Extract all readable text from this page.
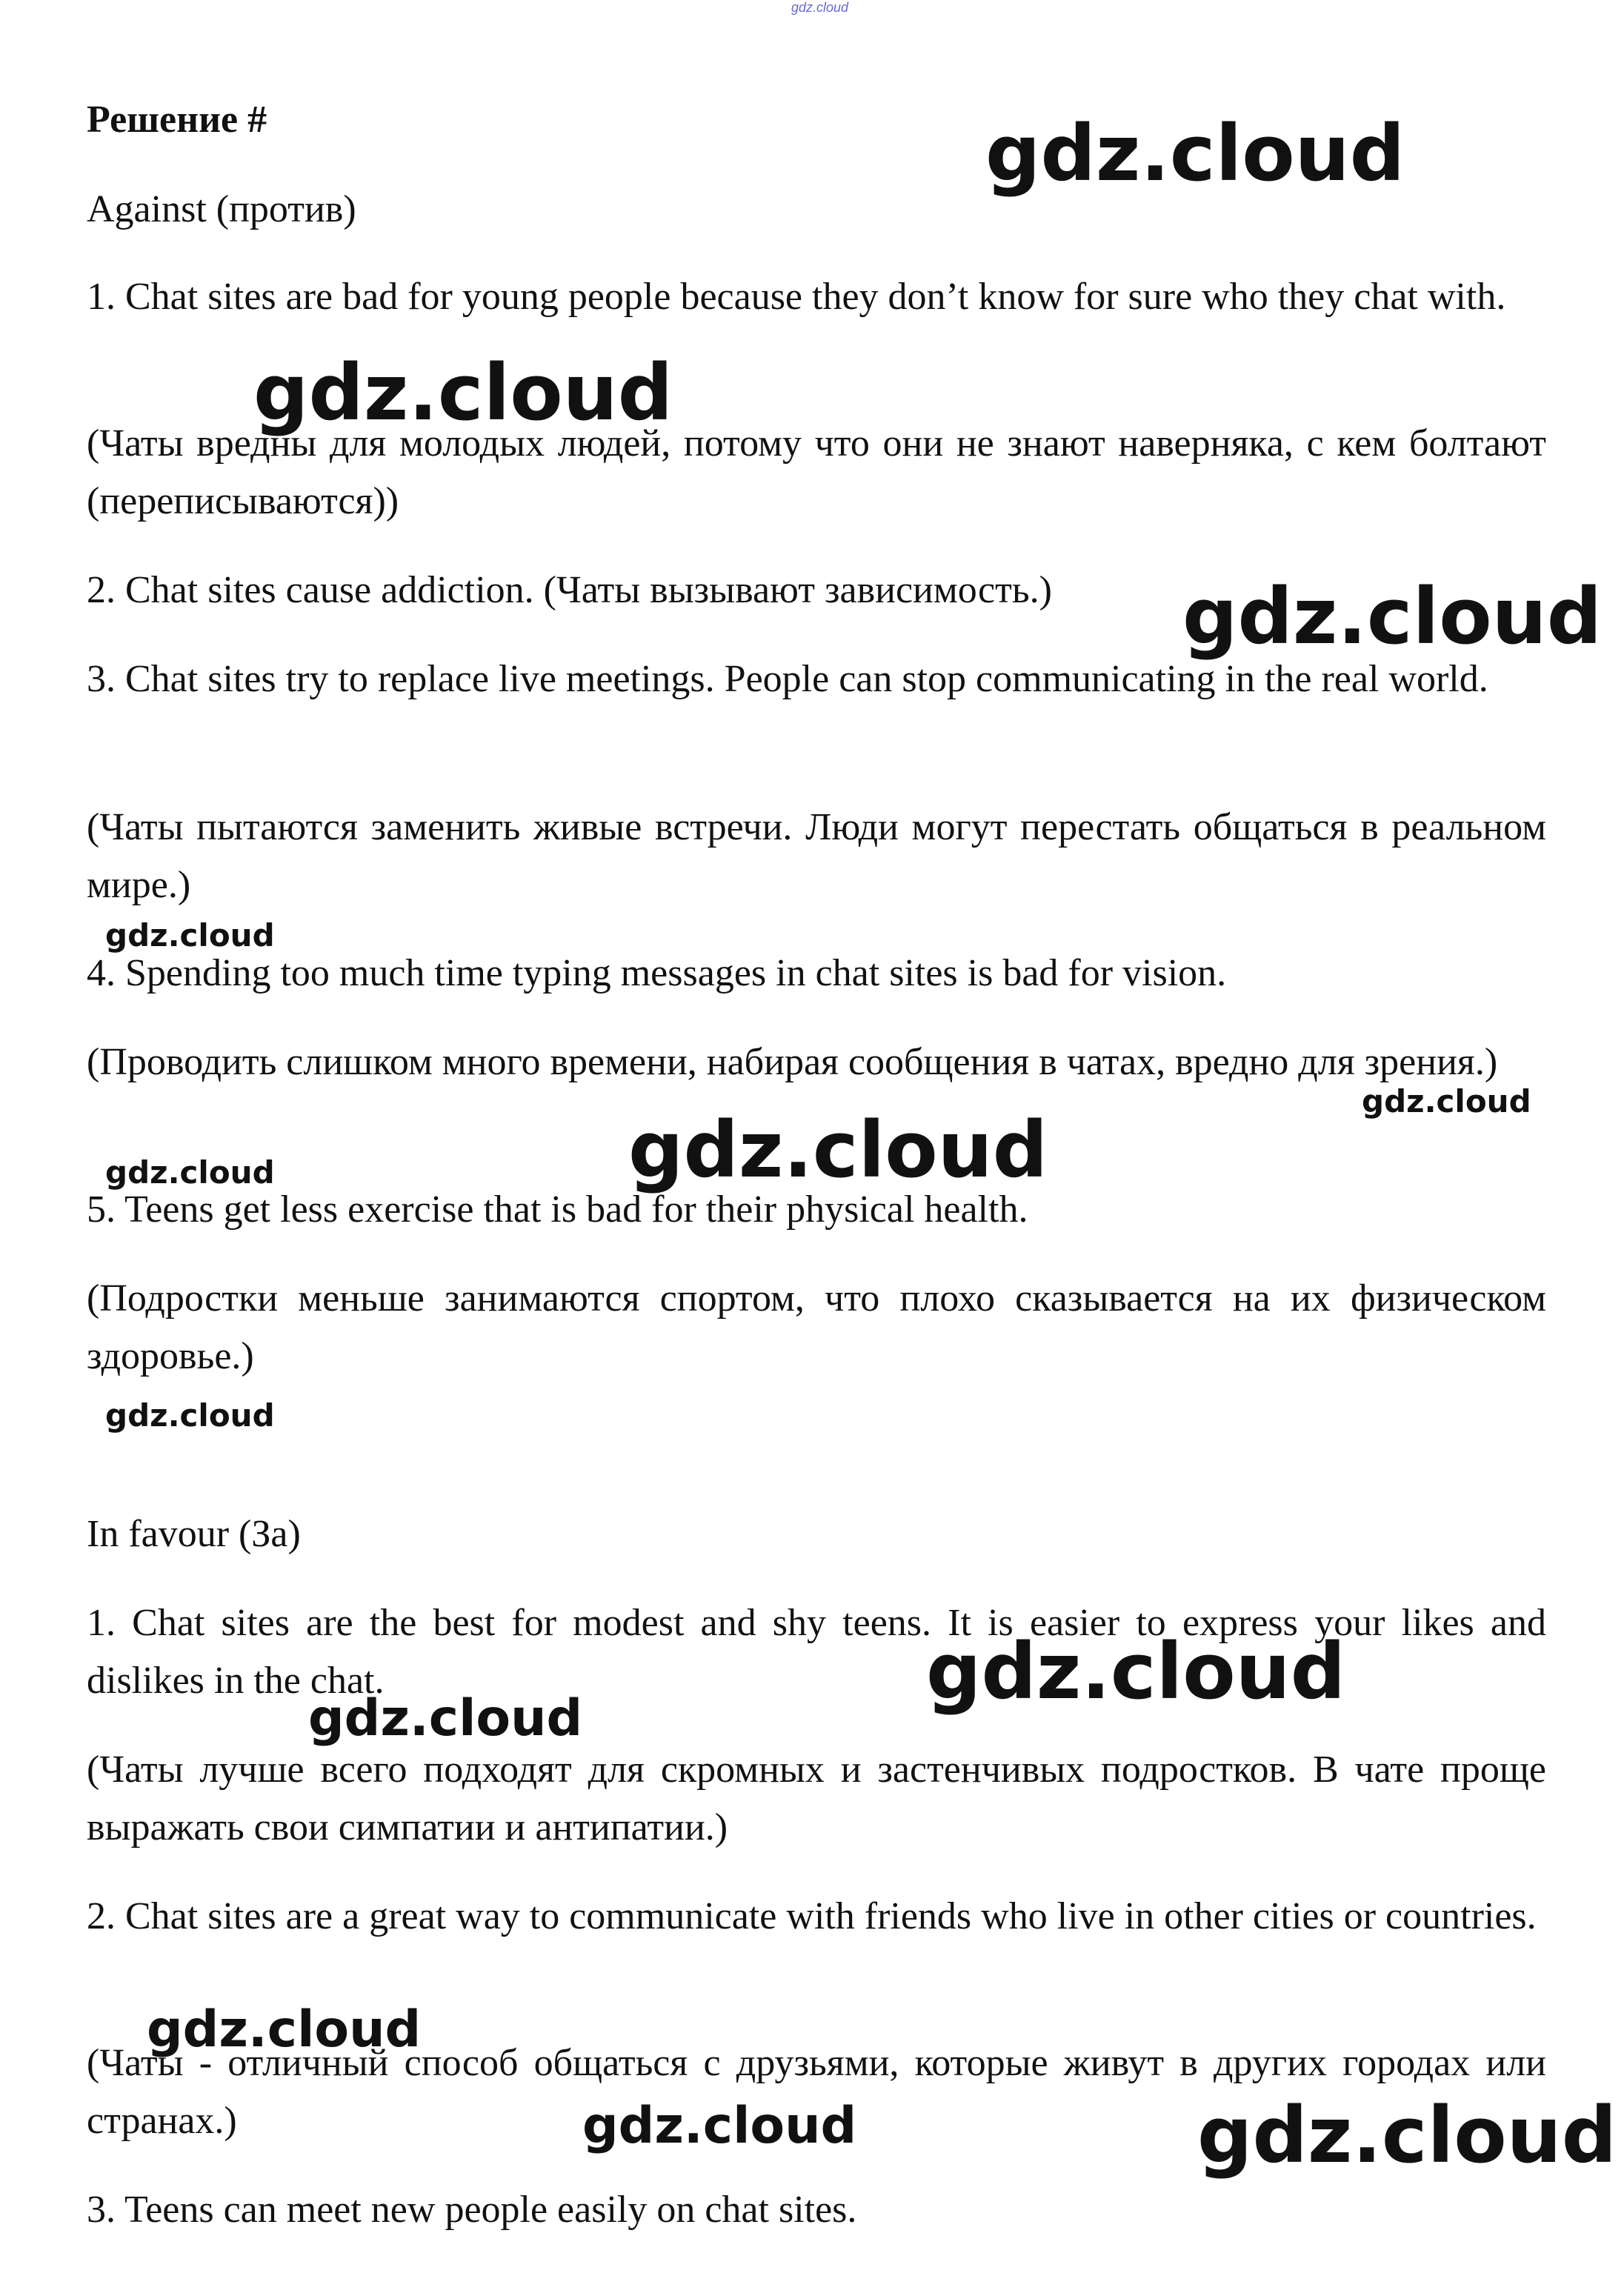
gdz.cloud
Решение #
Against (против)
1. Chat sites are bad for young people because they don’t know for sure who they chat with.
(Чаты вредны для молодых людей, потому что они не знают наверняка, с кем болтают (переписываются))
2. Chat sites cause addiction. (Чаты вызывают зависимость.)
3. Chat sites try to replace live meetings. People can stop communicating in the real world.
(Чаты пытаются заменить живые встречи. Люди могут перестать общаться в реальном мире.)
4. Spending too much time typing messages in chat sites is bad for vision.
(Проводить слишком много времени, набирая сообщения в чатах, вредно для зрения.)
5. Teens get less exercise that is bad for their physical health.
(Подростки меньше занимаются спортом, что плохо сказывается на их физическом здоровье.)
In favour (За)
1. Chat sites are the best for modest and shy teens. It is easier to express your likes and dislikes in the chat.
(Чаты лучше всего подходят для скромных и застенчивых подростков. В чате проще выражать свои симпатии и антипатии.)
2. Chat sites are a great way to communicate with friends who live in other cities or countries.
(Чаты - отличный способ общаться с друзьями, которые живут в других городах или странах.)
3. Teens can meet new people easily on chat sites.
gdz.cloud
gdz.cloud
gdz.cloud
gdz.cloud
gdz.cloud
gdz.cloud
gdz.cloud
gdz.cloud
gdz.cloud
gdz.cloud
gdz.cloud
gdz.cloud	gdz.cloud
